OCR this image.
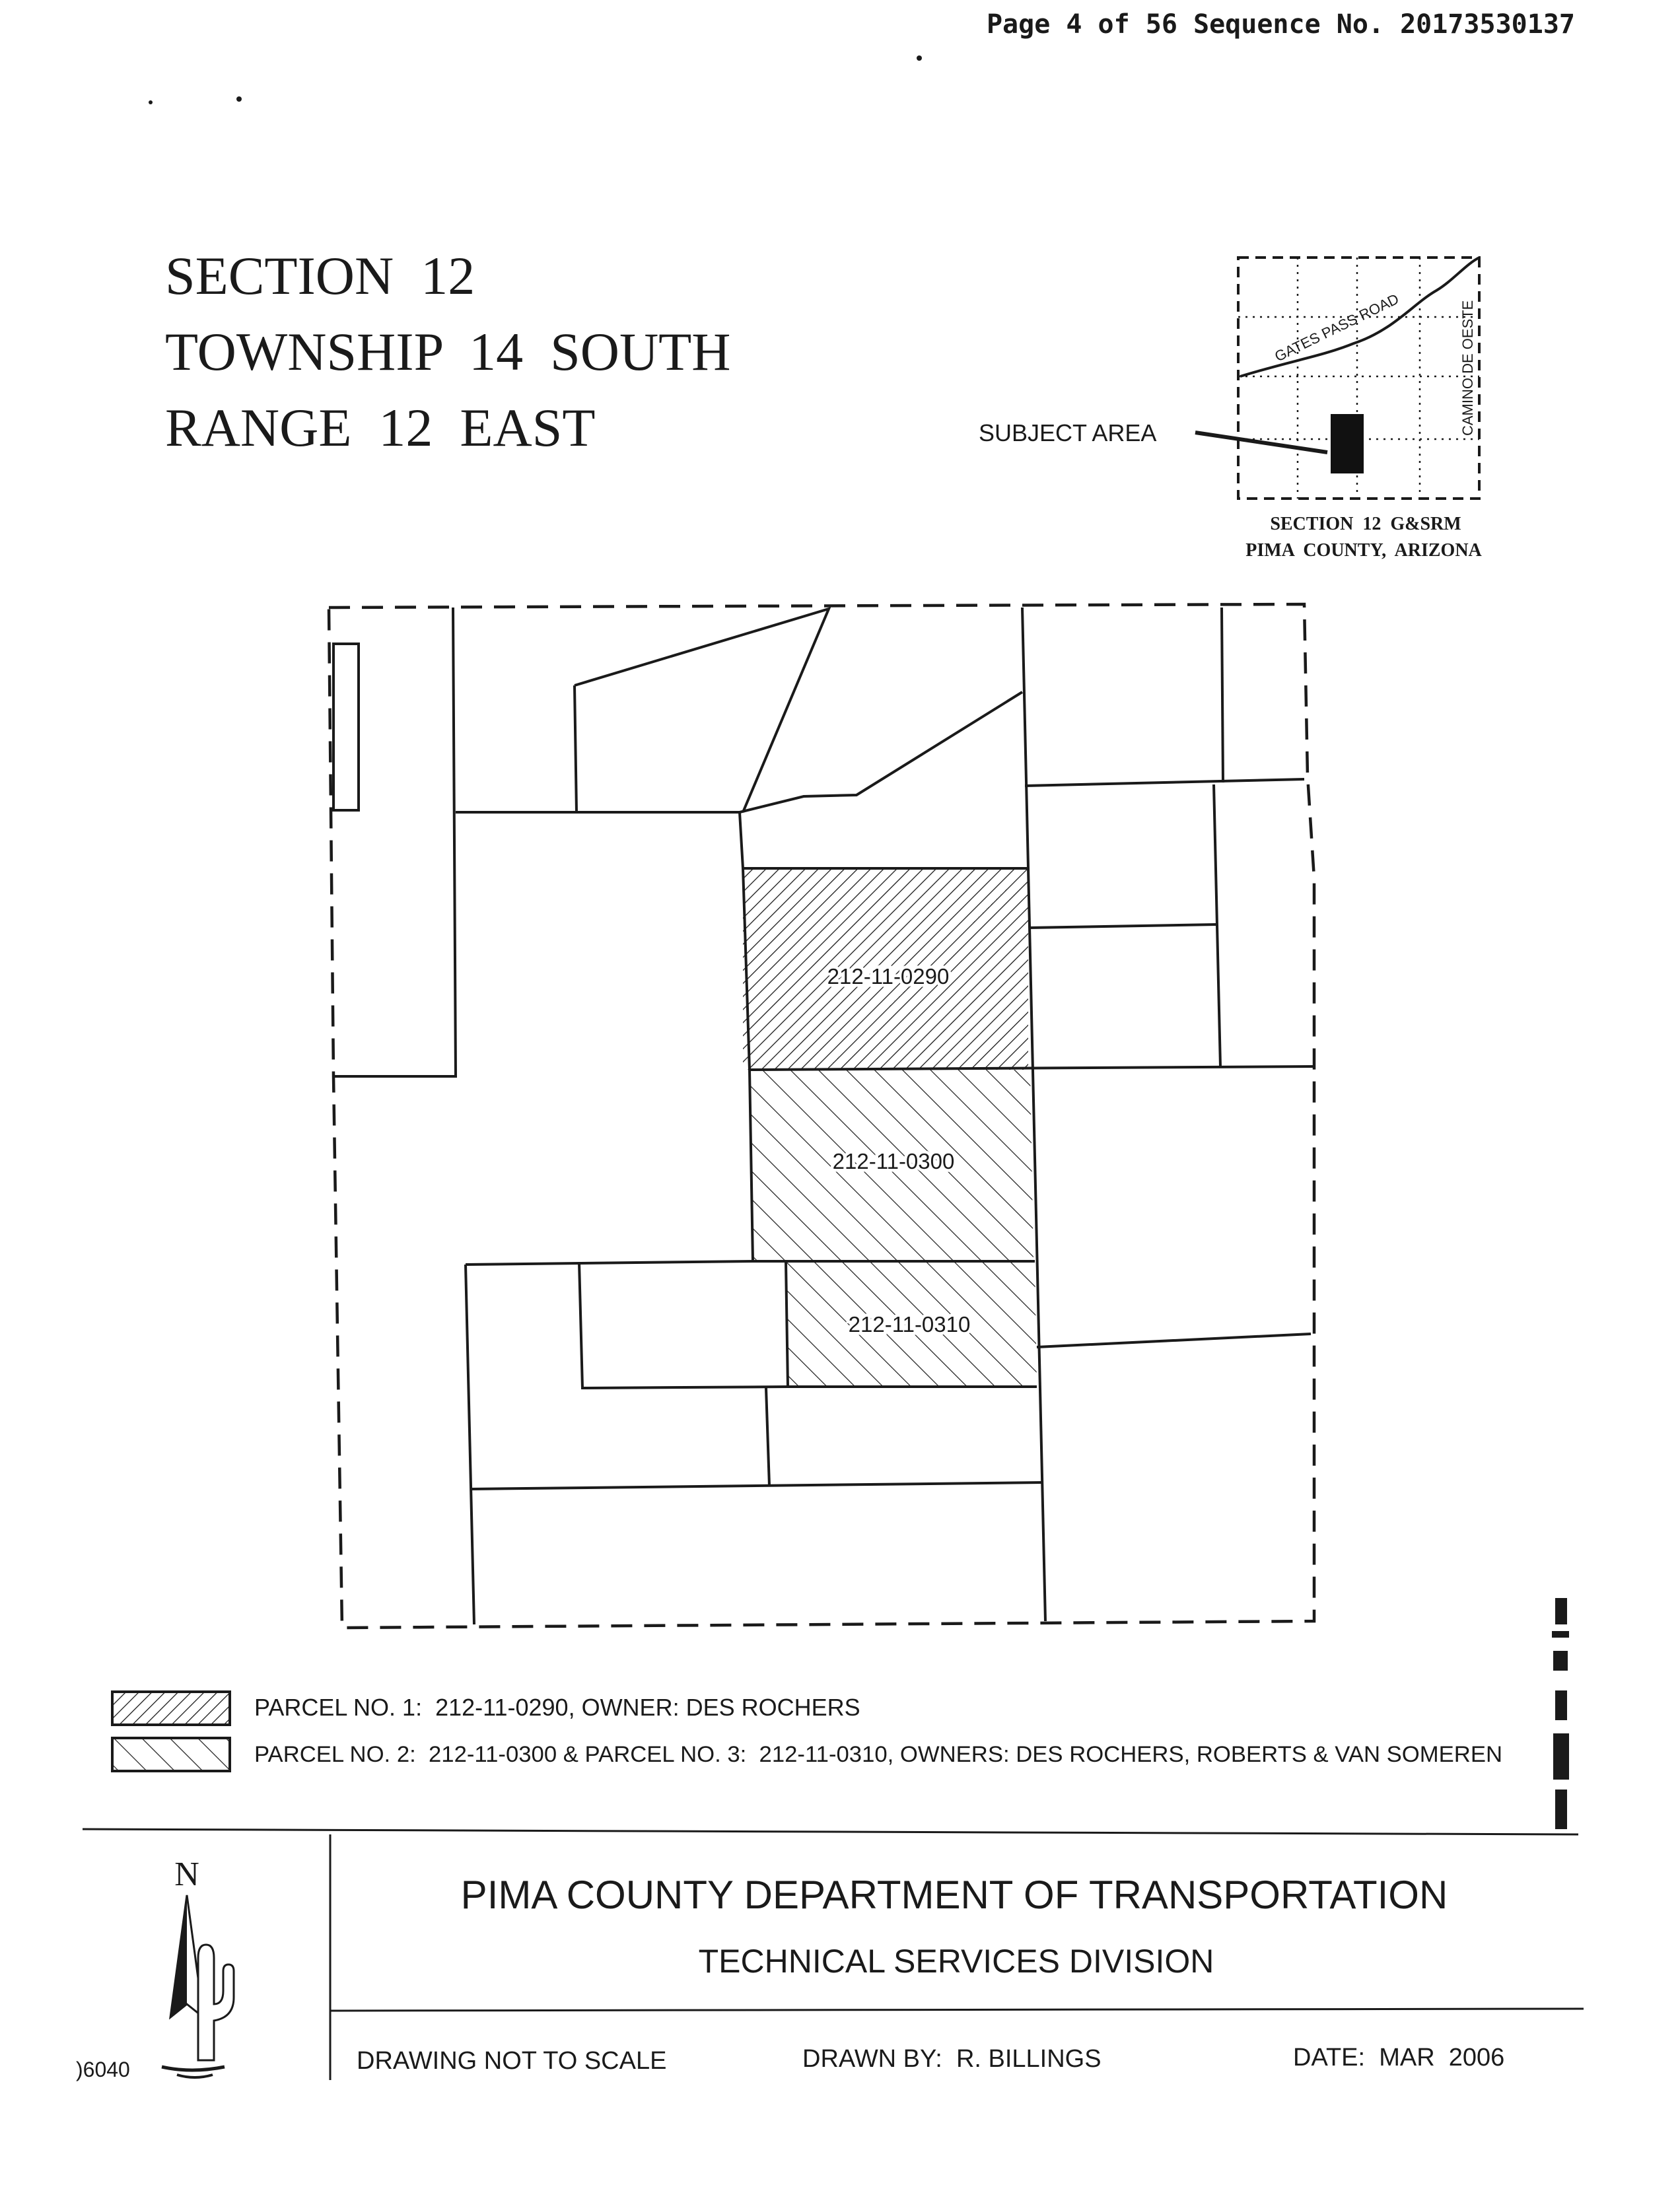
Page 4 of 56 Sequence No. 20173530137
SECTION  12
TOWNSHIP  14  SOUTH
RANGE  12  EAST
GATES PASS ROAD	CAMINO DE OESTE
SUBJECT AREA
SECTION  12  G&SRM
PIMA  COUNTY,  ARIZONA
212-11-0290
212-11-0300
212-11-0310
PARCEL NO. 1:  212-11-0290, OWNER: DES ROCHERS
PARCEL NO. 2:  212-11-0300 & PARCEL NO. 3:  212-11-0310, OWNERS: DES ROCHERS, ROBERTS & VAN SOMEREN
PIMA COUNTY DEPARTMENT OF TRANSPORTATION
TECHNICAL SERVICES DIVISION
DRAWING NOT TO SCALE	DRAWN BY:  R. BILLINGS	DATE:  MAR  2006
N
)6040
